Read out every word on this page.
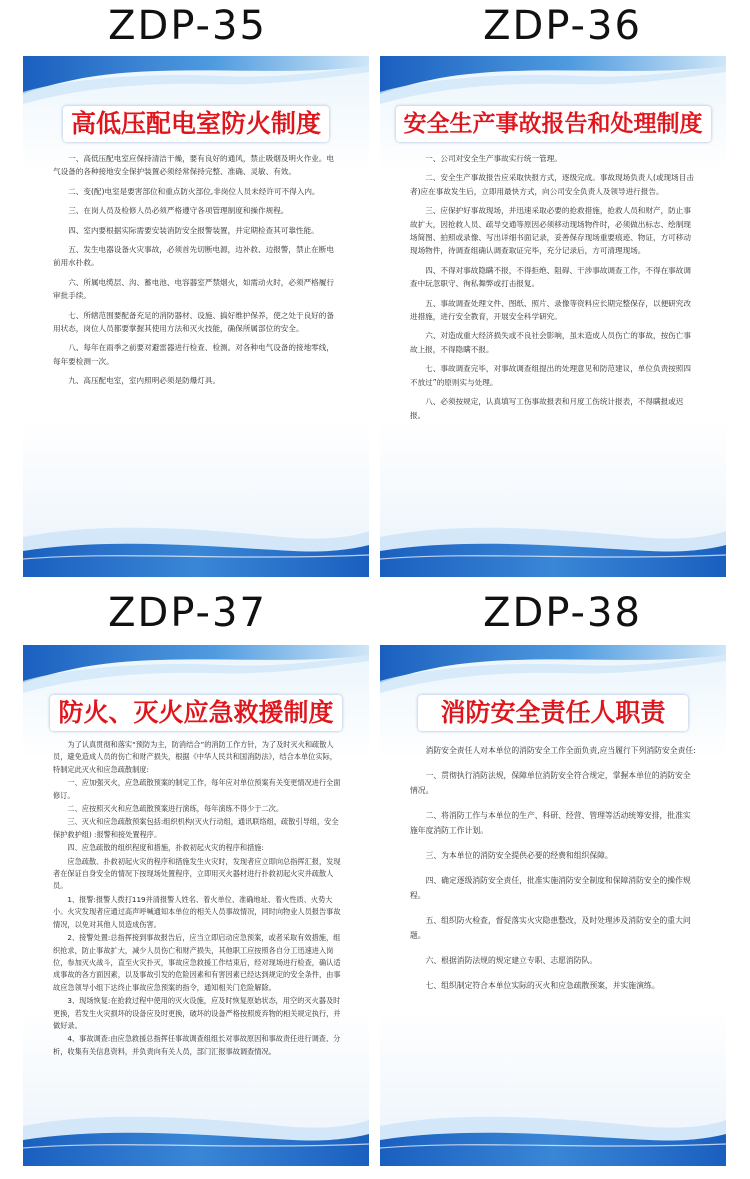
ZDP-35
高低压配电室防火制度

一、高低压配电室应保持清洁干燥，要有良好的通风，禁止吸烟及明火作业。电气设备的各种接地安全保护装置必须经常保持完整、准确、灵敏、有效。

二、变(配)电室是要害部位和重点防火部位,非岗位人员未经许可不得入内。

三、在岗人员及检修人员必须严格遵守各项管理制度和操作规程。

四、室内要根据实际需要安装消防安全报警装置，并定期检查其可靠性能。

五、发生电器设备火灾事故，必须首先切断电源，边补救、边报警，禁止在断电前用水扑救。

六、所属电缆层、沟、蓄电池、电容器室严禁烟火，如需动火时，必须严格履行审批手续。

七、所辖范围要配备充足的消防器材、设施、搞好维护保养，使之处于良好的备用状态，岗位人员都要掌握其使用方法和灭火技能，确保所属部位的安全。

八、每年在雨季之前要对避雷器进行检查、检测。对各种电气设备的接地零线，每年要检测一次。

九、高压配电室，室内照明必须是防爆灯具。

ZDP-36
安全生产事故报告和处理制度

一、公司对安全生产事故实行统一管理。

二、安全生产事故报告应采取快报方式，逐级完成。事故现场负责人(或现场目击者)应在事故发生后，立即用最快方式，向公司安全负责人及领导进行报告。

三、应保护好事故现场，并迅速采取必要的抢救措施，抢救人员和财产，防止事故扩大，因抢救人员、疏导交通等原因必须移动现场物件时，必须做出标志、绘制现场简图、拍照或录像、写出详细书面记录，妥善保存现场重要痕迹、物证，方可移动现场物件，待调查组确认调查取证完毕，充分记录后，方可清理现场。

四、不得对事故隐瞒不报，不得拒绝、阻碍、干涉事故调查工作，不得在事故调查中玩忽职守、徇私舞弊或打击报复。

五、事故调查处理文件、图纸、照片、录像等资料应长期完整保存，以便研究改进措施，进行安全教育，开展安全科学研究。

六、对造成重大经济损失或不良社会影响，虽未造成人员伤亡的事故，按伤亡事故上报，不得隐瞒不报。

七、事故调查完毕，对事故调查组提出的处理意见和防范建议，单位负责按照四不放过”的原则实与处理。

八、必须按规定，认真填写工伤事故报表和月度工伤统计报表，不得瞒报或迟报。

ZDP-37
防火、灭火应急救援制度

为了认真贯彻和落实“预防为主，防消结合”的消防工作方针，为了及时灭火和疏散人员，避免造成人员的伤亡和财产损失，根据《中华人民共和国消防法》，结合本单位实际，特制定此灭火和应急疏散制度:

一、应加强灭火，应急疏散预案的制定工作，每年应对单位预案有关变更情况进行全面修订。

二、应按照灭火和应急疏散预案进行演练，每年演练不得少于二次。

三、灭火和应急疏散预案包括:组织机构(灭火行动组，通讯联络组，疏散引导组，安全保护救护组) :报警和接处置程序。

四、应急疏散的组织程度和措施，扑救初起火灾的程序和措施:

应急疏散、扑救初起火灾的程序和措施发生火灾时，发现者应立即向总指挥汇报，发现者在保证自身安全的情况下按现场处置程序，立即用灭火器材进行扑救初起火灾并疏散人员。

1、报警:报警人拨打119并清报警人姓名、着火单位、准确地址、着火性质、火势大小。火灾发现者应通过高声呼喊通知本单位的相关人员事故情况，同时向物业人员报告事故情况，以免对其他人员造成伤害。

2、接警处置:总指挥接到事故报告后，应当立即启动应急预案，或者采取有效措施，组织抢求，防止事故扩大，减少人员伤亡和财产损失，其他职工应按照各自分工迅速进入岗位，参加灭火战斗，直至火灾扑灭，事故应急救援工作结束后，经对现场进行检查，确认适成事故的各方面因素，以及事故引发的危险因素和有害因素已经达到规定的安全条件，由事故应急领导小组下达终止事故应急预案的指令，通知相关门危险解除。

3、现场恢复:在抢救过程中使用的灭火设施，应及时恢复原始状态，用空的灭火器及时更换，若发生火灾损坏的设备应及时更换，破坏的设备严格按照废弃物的相关规定执行，并做好录。

4、事故调查:由应急救援总指挥任事故调查组组长对事故原因和事故责任进行调查、分析，收集有关信息资料，并负责向有关人员，部门汇报事故调查情况。

ZDP-38
消防安全责任人职责

消防安全责任人对本单位的消防安全工作全面负责,应当履行下列消防安全责任:

一、贯彻执行消防法规，保障单位消防安全符合规定，掌握本单位的消防安全情况。

二、将消防工作与本单位的生产、科研、经营、管理等活动统筹安排，批准实施年度消防工作计划。

三、为本单位的消防安全提供必要的经费和组织保障。

四、确定逐级消防安全责任，批准实施消防安全制度和保障消防安全的操作规程。

五、组织防火检查，督促落实火灾隐患整改，及时处理涉及消防安全的重大问题。

六、根据消防法规的规定建立专职、志愿消防队。

七、组织制定符合本单位实际的灭火和应急疏散预案，并实施演练。
